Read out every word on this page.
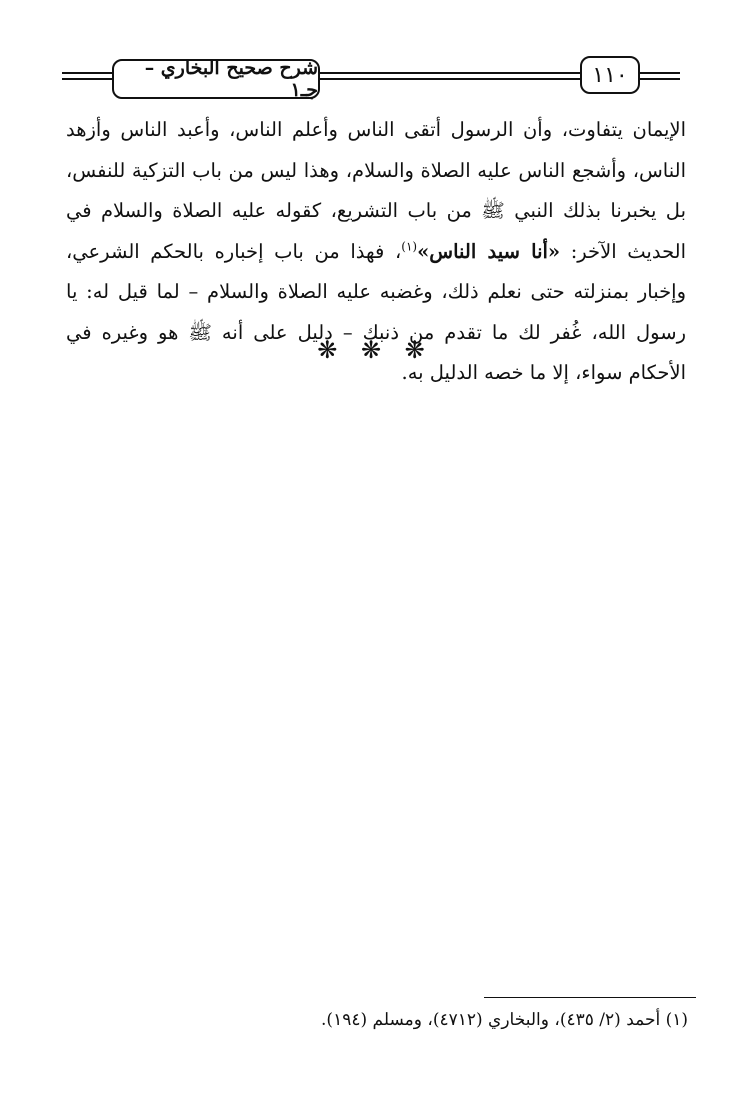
شرح صحيح البخاري – جـ١
١١٠

الإيمان يتفاوت، وأن الرسول أتقى الناس وأعلم الناس، وأعبد الناس وأزهد الناس، وأشجع الناس عليه الصلاة والسلام، وهذا ليس من باب التزكية للنفس، بل يخبرنا بذلك النبي ﷺ من باب التشريع، كقوله عليه الصلاة والسلام في الحديث الآخر: «أنا سيد الناس»$^{(١)}$، فهذا من باب إخباره بالحكم الشرعي، وإخبار بمنزلته حتى نعلم ذلك، وغضبه عليه الصلاة والسلام – لما قيل له: يا رسول الله، غُفر لك ما تقدم من ذنبك – دليل على أنه ﷺ هو وغيره في الأحكام سواء، إلا ما خصه الدليل به.

❋ ❋ ❋
(١) أحمد (٢/ ٤٣٥)، والبخاري (٤٧١٢)، ومسلم (١٩٤).
